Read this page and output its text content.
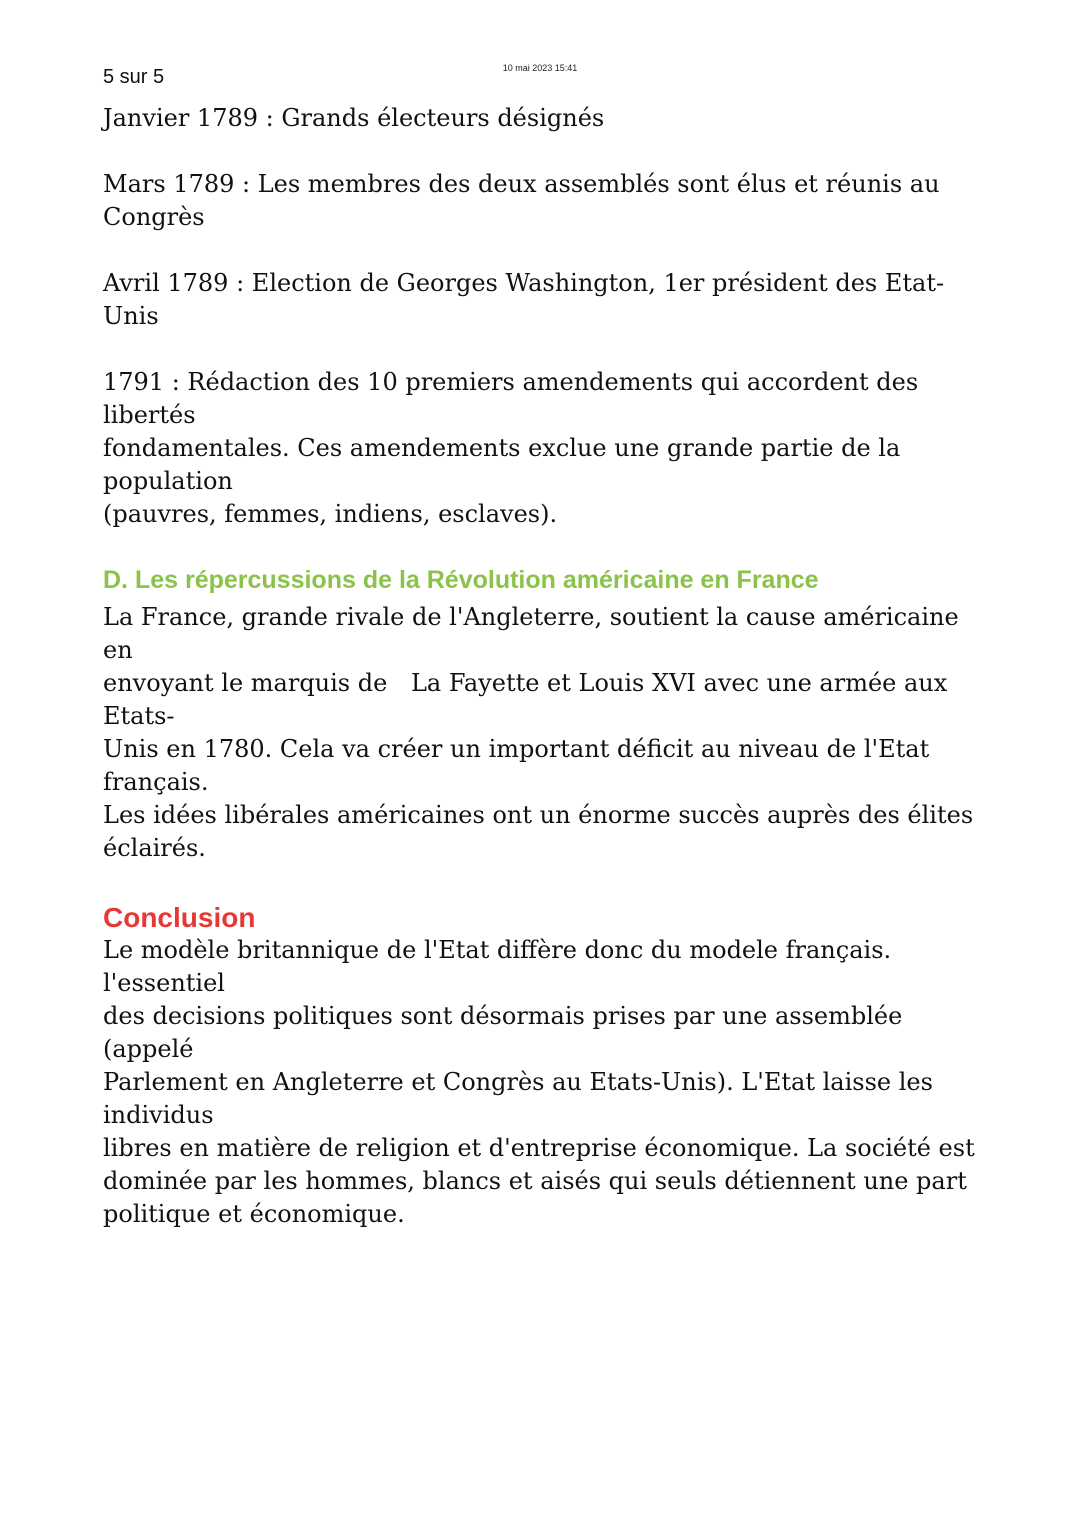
10 mai 2023 15:41
5 sur 5

Janvier 1789 : Grands électeurs désignés

Mars 1789 : Les membres des deux assemblés sont élus et réunis au Congrès

Avril 1789 : Election de Georges Washington, 1er président des Etat-Unis

1791 : Rédaction des 10 premiers amendements qui accordent des libertés

fondamentales. Ces amendements exclue une grande partie de la population

(pauvres, femmes, indiens, esclaves).

D. Les répercussions de la Révolution américaine en France

La France, grande rivale de l'Angleterre, soutient la cause américaine en

envoyant le marquis de La Fayette et Louis XVI avec une armée aux Etats-

Unis en 1780. Cela va créer un important déficit au niveau de l'Etat français.

Les idées libérales américaines ont un énorme succès auprès des élites

éclairés.

Conclusion

Le modèle britannique de l'Etat diffère donc du modele français. l'essentiel

des decisions politiques sont désormais prises par une assemblée (appelé

Parlement en Angleterre et Congrès au Etats-Unis). L'Etat laisse les individus

libres en matière de religion et d'entreprise économique. La société est

dominée par les hommes, blancs et aisés qui seuls détiennent une part

politique et économique.
